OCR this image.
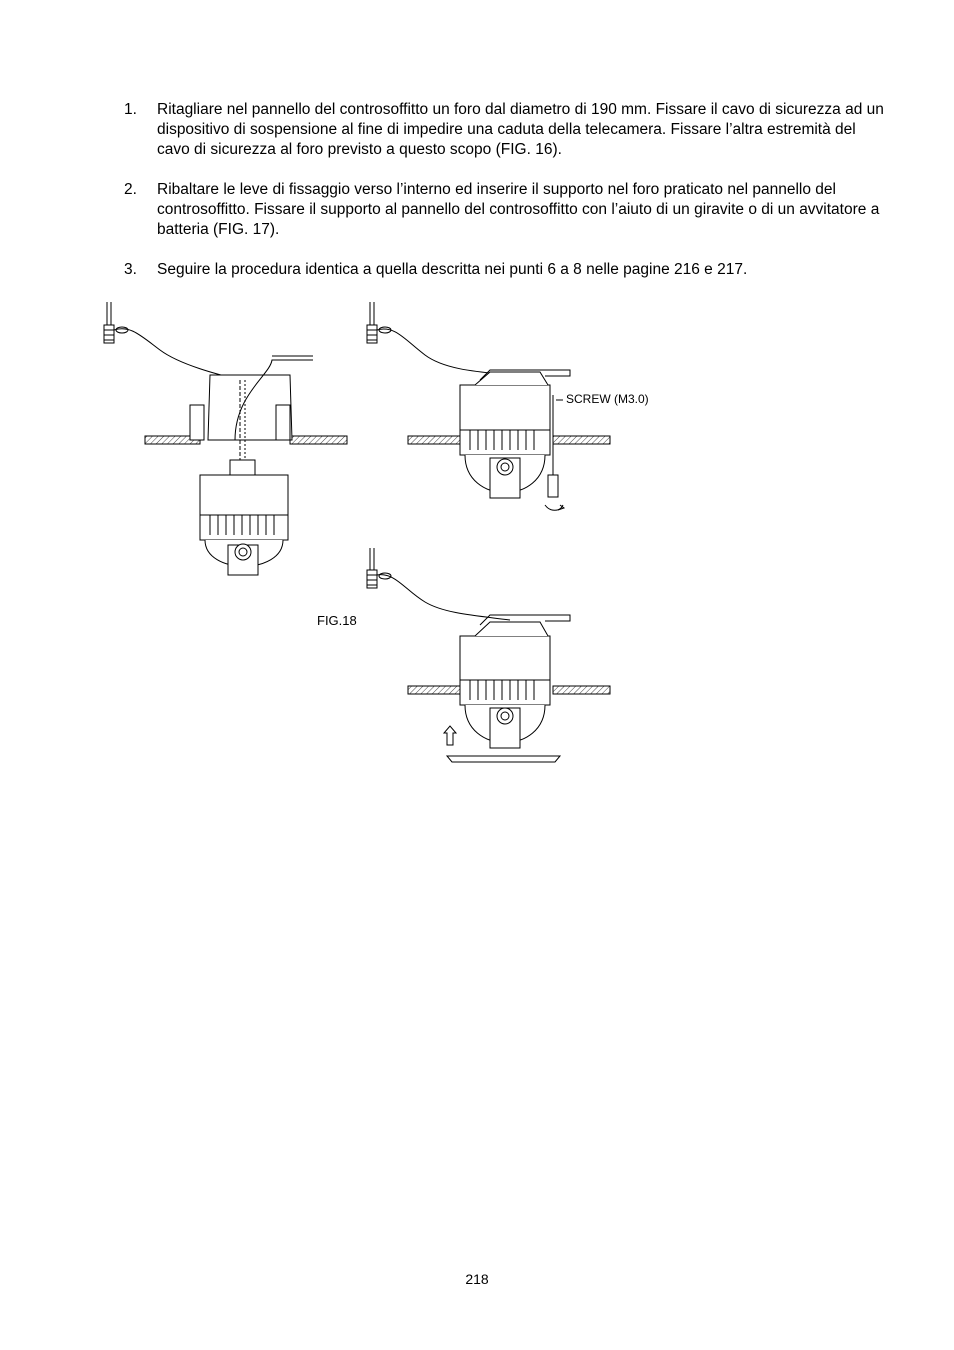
1. Ritagliare nel pannello del controsoffitto un foro dal diametro di 190 mm. Fissare il cavo di sicurezza ad un dispositivo di sospensione al fine di impedire una caduta della telecamera. Fissare l’altra estremità del cavo di sicurezza al foro previsto a questo scopo (FIG. 16).
2. Ribaltare le leve di fissaggio verso l’interno ed inserire il supporto nel foro praticato nel pannello del controsoffitto. Fissare il supporto al pannello del controsoffitto con l’aiuto di un giravite o di un avvitatore a batteria (FIG. 17).
3. Seguire la procedura identica a quella descritta nei punti 6 a 8 nelle pagine 216 e 217.
FIG.18
SCREW (M3.0)
218
